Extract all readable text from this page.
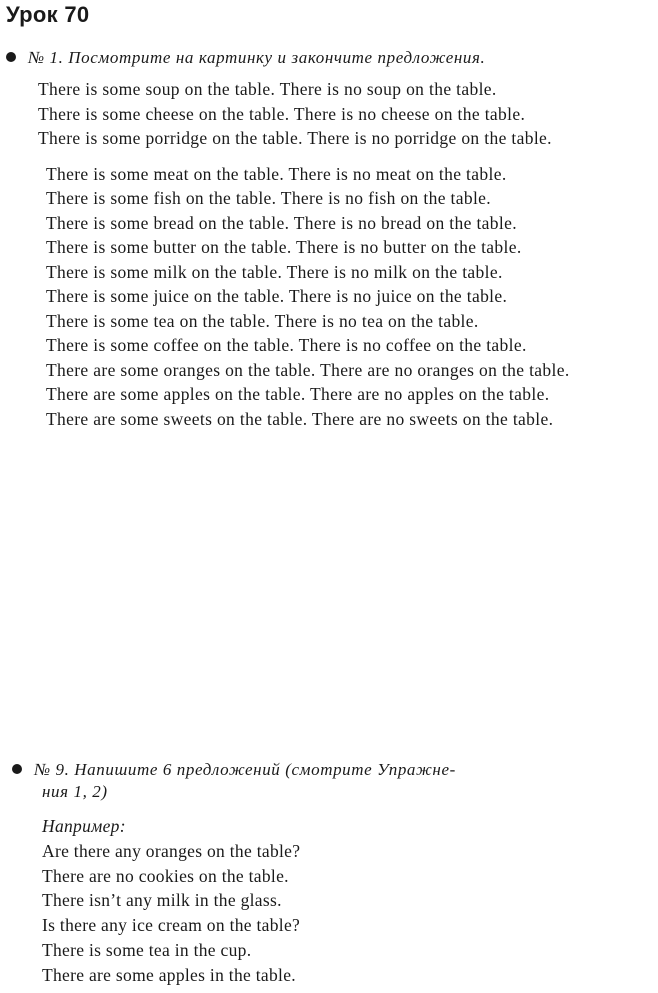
Урок 70
№ 1. Посмотрите на картинку и закончите предложения.

There is some soup on the table. There is no soup on the table.

There is some cheese on the table. There is no cheese on the table.

There is some porridge on the table. There is no porridge on the table.

There is some meat on the table. There is no meat on the table.

There is some fish on the table. There is no fish on the table.

There is some bread on the table. There is no bread on the table.

There is some butter on the table. There is no butter on the table.

There is some milk on the table. There is no milk on the table.

There is some juice on the table. There is no juice on the table.

There is some tea on the table. There is no tea on the table.

There is some coffee on the table. There is no coffee on the table.

There are some oranges on the table. There are no oranges on the table.

There are some apples on the table. There are no apples on the table.

There are some sweets on the table. There are no sweets on the table.

№ 9. Напишите 6 предложений (смотрите Упражне-
ния 1, 2)

Например:

Are there any oranges on the table?

There are no cookies on the table.

There isn’t any milk in the glass.

Is there any ice cream on the table?

There is some tea in the cup.

There are some apples in the table.
